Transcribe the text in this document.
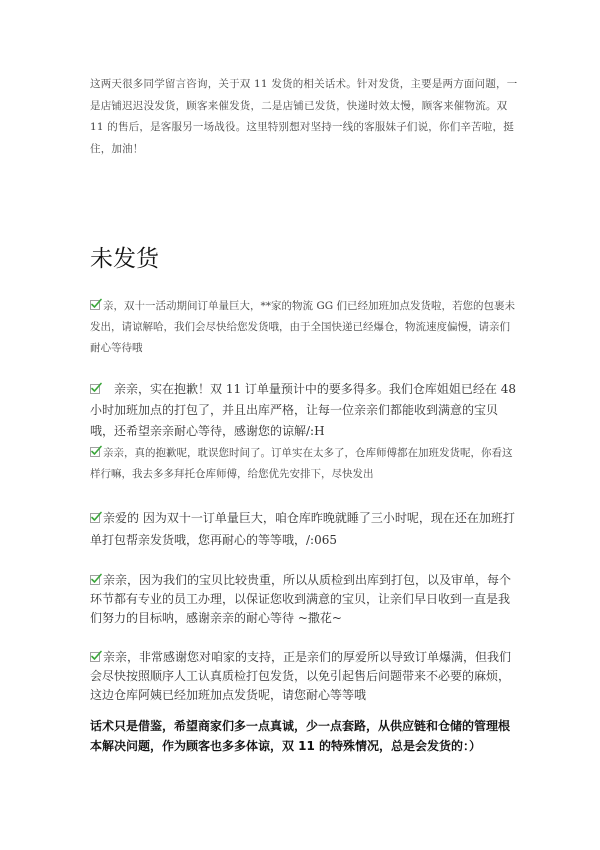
这两天很多同学留言咨询，关于双 11 发货的相关话术。针对发货，主要是两方面问题，一是店铺迟迟没发货，顾客来催发货，二是店铺已发货，快递时效太慢，顾客来催物流。双 11 的售后，是客服另一场战役。这里特别想对坚持一线的客服妹子们说，你们辛苦啦，挺住，加油！

未发货
亲，双十一活动期间订单量巨大，**家的物流 GG 们已经加班加点发货啦，若您的包裹未发出，请谅解哈，我们会尽快给您发货哦，由于全国快递已经爆仓，物流速度偏慢，请亲们耐心等待哦
亲亲，实在抱歉！双 11 订单量预计中的要多得多。我们仓库姐姐已经在 48 小时加班加点的打包了，并且出库严格，让每一位亲亲们都能收到满意的宝贝哦，还希望亲亲耐心等待，感谢您的谅解/:H
亲亲，真的抱歉呢，耽误您时间了。订单实在太多了，仓库师傅都在加班发货呢，你看这样行嘛，我去多多拜托仓库师傅，给您优先安排下，尽快发出
亲爱的 因为双十一订单量巨大，咱仓库昨晚就睡了三小时呢，现在还在加班打单打包帮亲发货哦，您再耐心的等等哦，/:065
亲亲，因为我们的宝贝比较贵重，所以从质检到出库到打包，以及审单，每个环节都有专业的员工办理，以保证您收到满意的宝贝，让亲们早日收到一直是我们努力的目标呐，感谢亲亲的耐心等待 ~撒花~
亲亲，非常感谢您对咱家的支持，正是亲们的厚爱所以导致订单爆满，但我们会尽快按照顺序人工认真质检打包发货，以免引起售后问题带来不必要的麻烦，这边仓库阿姨已经加班加点发货呢，请您耐心等等哦

话术只是借鉴，希望商家们多一点真诚，少一点套路，从供应链和仓储的管理根本解决问题，作为顾客也多多体谅，双 11 的特殊情况，总是会发货的：）
